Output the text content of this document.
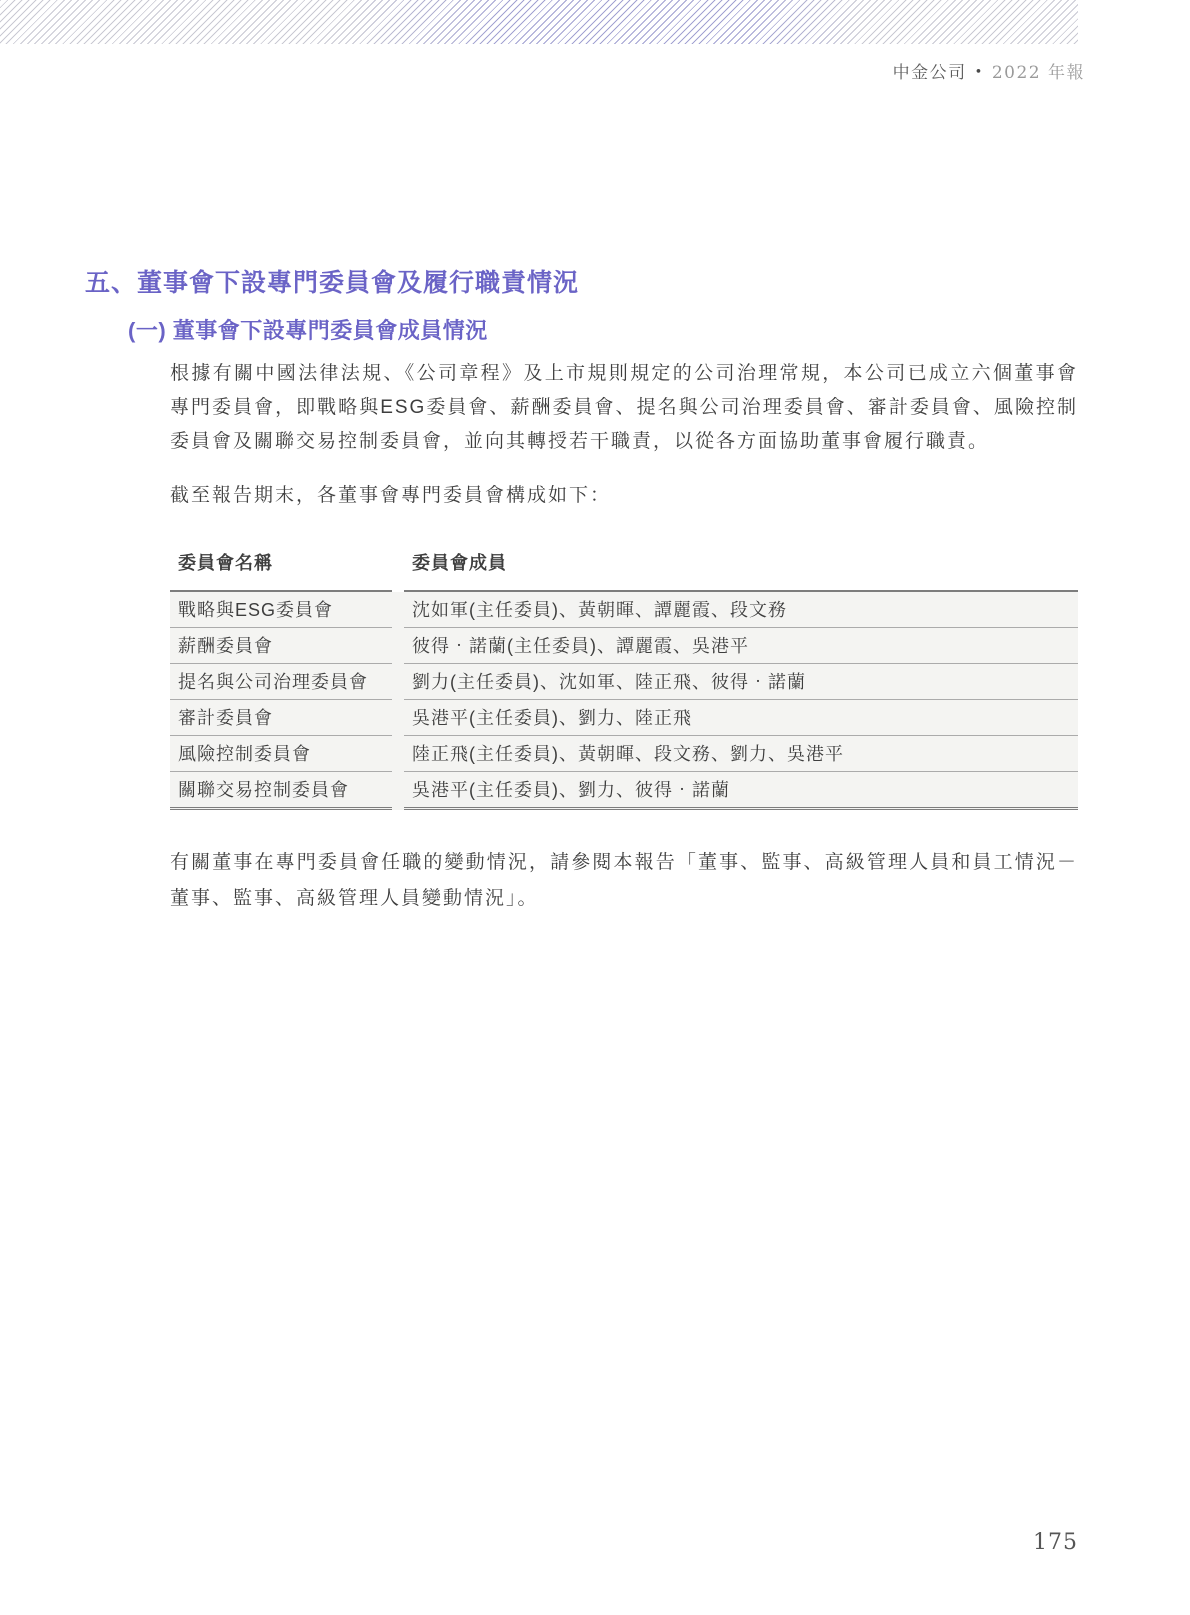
中金公司 • 2022 年報
五、董事會下設專門委員會及履行職責情況
(一) 董事會下設專門委員會成員情況

根據有關中國法律法規、《公司章程》及上市規則規定的公司治理常規，本公司已成立六個董事會專門委員會，即戰略與ESG委員會、薪酬委員會、提名與公司治理委員會、審計委員會、風險控制委員會及關聯交易控制委員會，並向其轉授若干職責，以從各方面協助董事會履行職責。

截至報告期末，各董事會專門委員會構成如下：

委員會名稱	委員會成員
戰略與ESG委員會	沈如軍(主任委員)、黃朝暉、譚麗霞、段文務
薪酬委員會	彼得‧諾蘭(主任委員)、譚麗霞、吳港平
提名與公司治理委員會	劉力(主任委員)、沈如軍、陸正飛、彼得‧諾蘭
審計委員會	吳港平(主任委員)、劉力、陸正飛
風險控制委員會	陸正飛(主任委員)、黃朝暉、段文務、劉力、吳港平
關聯交易控制委員會	吳港平(主任委員)、劉力、彼得‧諾蘭

有關董事在專門委員會任職的變動情況，請參閱本報告「董事、監事、高級管理人員和員工情況－董事、監事、高級管理人員變動情況」。

175
